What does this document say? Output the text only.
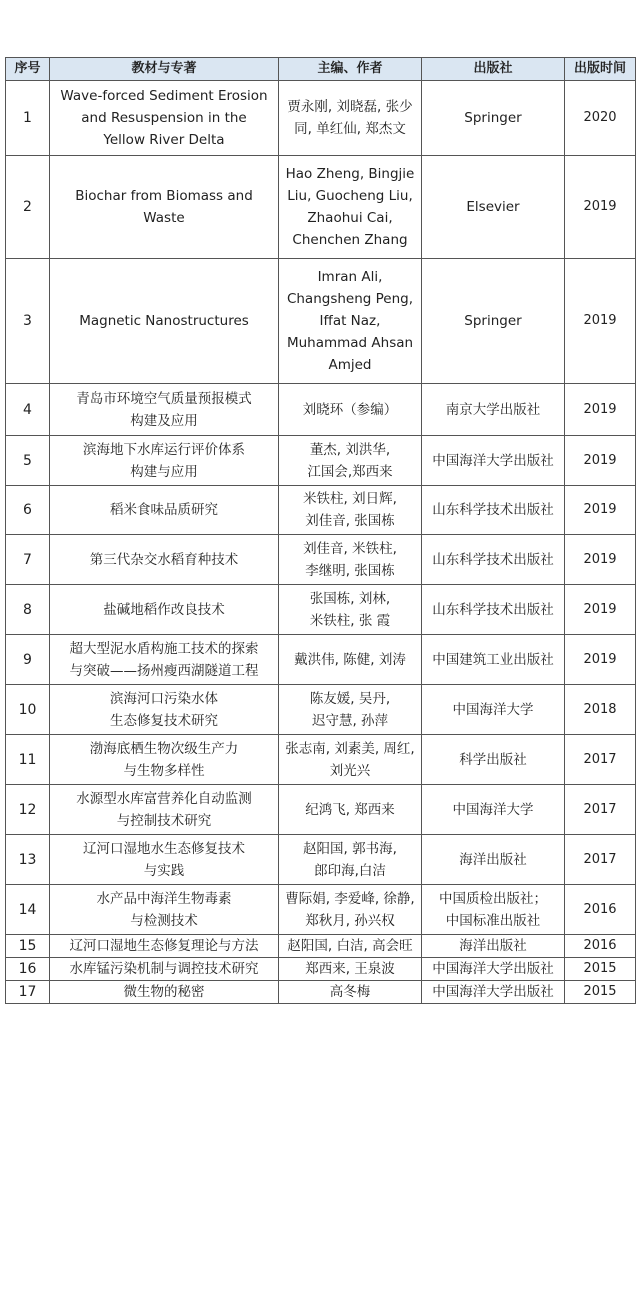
序号	教材与专著	主编、作者	出版社	出版时间
1	Wave-forced Sediment Erosion
and Resuspension in the
Yellow River Delta	贾永刚, 刘晓磊, 张少
同, 单红仙, 郑杰文	Springer	2020
2	Biochar from Biomass and
Waste	Hao Zheng, Bingjie
Liu, Guocheng Liu,
Zhaohui Cai,
Chenchen Zhang	Elsevier	2019
3	Magnetic Nanostructures	Imran Ali,
Changsheng Peng,
Iffat Naz,
Muhammad Ahsan
Amjed	Springer	2019
4	青岛市环境空气质量预报模式
构建及应用	刘晓环（参编）	南京大学出版社	2019
5	滨海地下水库运行评价体系
构建与应用	董杰, 刘洪华,
江国会,郑西来	中国海洋大学出版社	2019
6	稻米食味品质研究	米铁柱, 刘日辉,
刘佳音, 张国栋	山东科学技术出版社	2019
7	第三代杂交水稻育种技术	刘佳音, 米铁柱,
李继明, 张国栋	山东科学技术出版社	2019
8	盐碱地稻作改良技术	张国栋, 刘林,
米铁柱, 张 霞	山东科学技术出版社	2019
9	超大型泥水盾构施工技术的探索
与突破——扬州瘦西湖隧道工程	戴洪伟, 陈健, 刘涛	中国建筑工业出版社	2019
10	滨海河口污染水体
生态修复技术研究	陈友媛, 吴丹,
迟守慧, 孙萍	中国海洋大学	2018
11	渤海底栖生物次级生产力
与生物多样性	张志南, 刘素美, 周红,
刘光兴	科学出版社	2017
12	水源型水库富营养化自动监测
与控制技术研究	纪鸿飞, 郑西来	中国海洋大学	2017
13	辽河口湿地水生态修复技术
与实践	赵阳国, 郭书海,
郎印海,白洁	海洋出版社	2017
14	水产品中海洋生物毒素
与检测技术	曹际娟, 李爱峰, 徐静,
郑秋月, 孙兴权	中国质检出版社；
中国标准出版社	2016
15	辽河口湿地生态修复理论与方法	赵阳国, 白洁, 高会旺	海洋出版社	2016
16	水库锰污染机制与调控技术研究	郑西来, 王泉波	中国海洋大学出版社	2015
17	微生物的秘密	高冬梅	中国海洋大学出版社	2015
